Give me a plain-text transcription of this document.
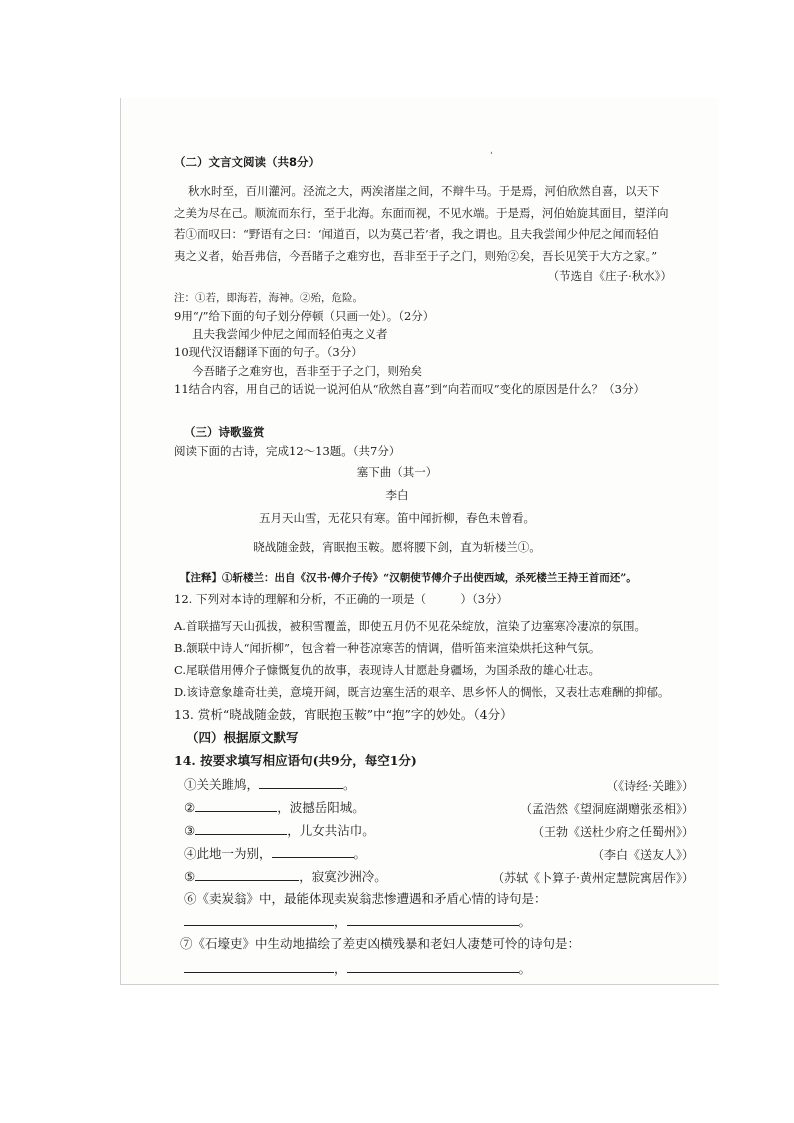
ˈ
（二）文言文阅读（共8分）
秋水时至，百川灌河。泾流之大，两涘渚崖之间，不辩牛马。于是焉，河伯欣然自喜，以天下
之美为尽在己。顺流而东行，至于北海。东面而视，不见水端。于是焉，河伯始旋其面目，望洋向
若①而叹曰：“野语有之曰：‘闻道百，以为莫己若’者，我之谓也。且夫我尝闻少仲尼之闻而轻伯
夷之义者，始吾弗信，今吾睹子之难穷也，吾非至于子之门，则殆②矣，吾长见笑于大方之家。”
（节选自《庄子·秋水》）
注：①若，即海若，海神。②殆，危险。
9用“/”给下面的句子划分停顿（只画一处）。（2分）
且夫我尝闻少仲尼之闻而轻伯夷之义者
10现代汉语翻译下面的句子。（3分）
今吾睹子之难穷也，吾非至于子之门，则殆矣
11结合内容，用自己的话说一说河伯从“欣然自喜”到“向若而叹”变化的原因是什么？（3分）
（三）诗歌鉴赏
阅读下面的古诗，完成12～13题。（共7分）
塞下曲（其一）
李白
五月天山雪，无花只有寒。笛中闻折柳，春色未曾看。
晓战随金鼓，宵眠抱玉鞍。愿将腰下剑，直为斩楼兰①。
【注释】①斩楼兰：出自《汉书·傅介子传》“汉朝使节傅介子出使西域，杀死楼兰王持王首而还”。
12. 下列对本诗的理解和分析，不正确的一项是（　　　）（3分）
A.首联描写天山孤拔，被积雪覆盖，即使五月仍不见花朵绽放，渲染了边塞寒冷凄凉的氛围。
B.颔联中诗人“闻折柳”，包含着一种苍凉寒苦的情调，借听笛来渲染烘托这种气氛。
C.尾联借用傅介子慷慨复仇的故事，表现诗人甘愿赴身疆场，为国杀敌的雄心壮志。
D.该诗意象雄奇壮美，意境开阔，既言边塞生活的艰辛、思乡怀人的惆怅，又表壮志难酬的抑郁。
13. 赏析“晓战随金鼓，宵眠抱玉鞍”中“抱”字的妙处。（4分）
（四）根据原文默写
14. 按要求填写相应语句(共9分，每空1分)
①关关雎鸠，	。	（《诗经·关雎》）
②	，波撼岳阳城。	（孟浩然《望洞庭湖赠张丞相》）
③	，儿女共沾巾。	（王勃《送杜少府之任蜀州》）
④此地一为别，	。	（李白《送友人》）
⑤	，寂寞沙洲冷。	（苏轼《卜算子·黄州定慧院寓居作》）
⑥《卖炭翁》中，最能体现卖炭翁悲惨遭遇和矛盾心情的诗句是：
，	。
⑦《石壕吏》中生动地描绘了差吏凶横残暴和老妇人凄楚可怜的诗句是：
，	。
